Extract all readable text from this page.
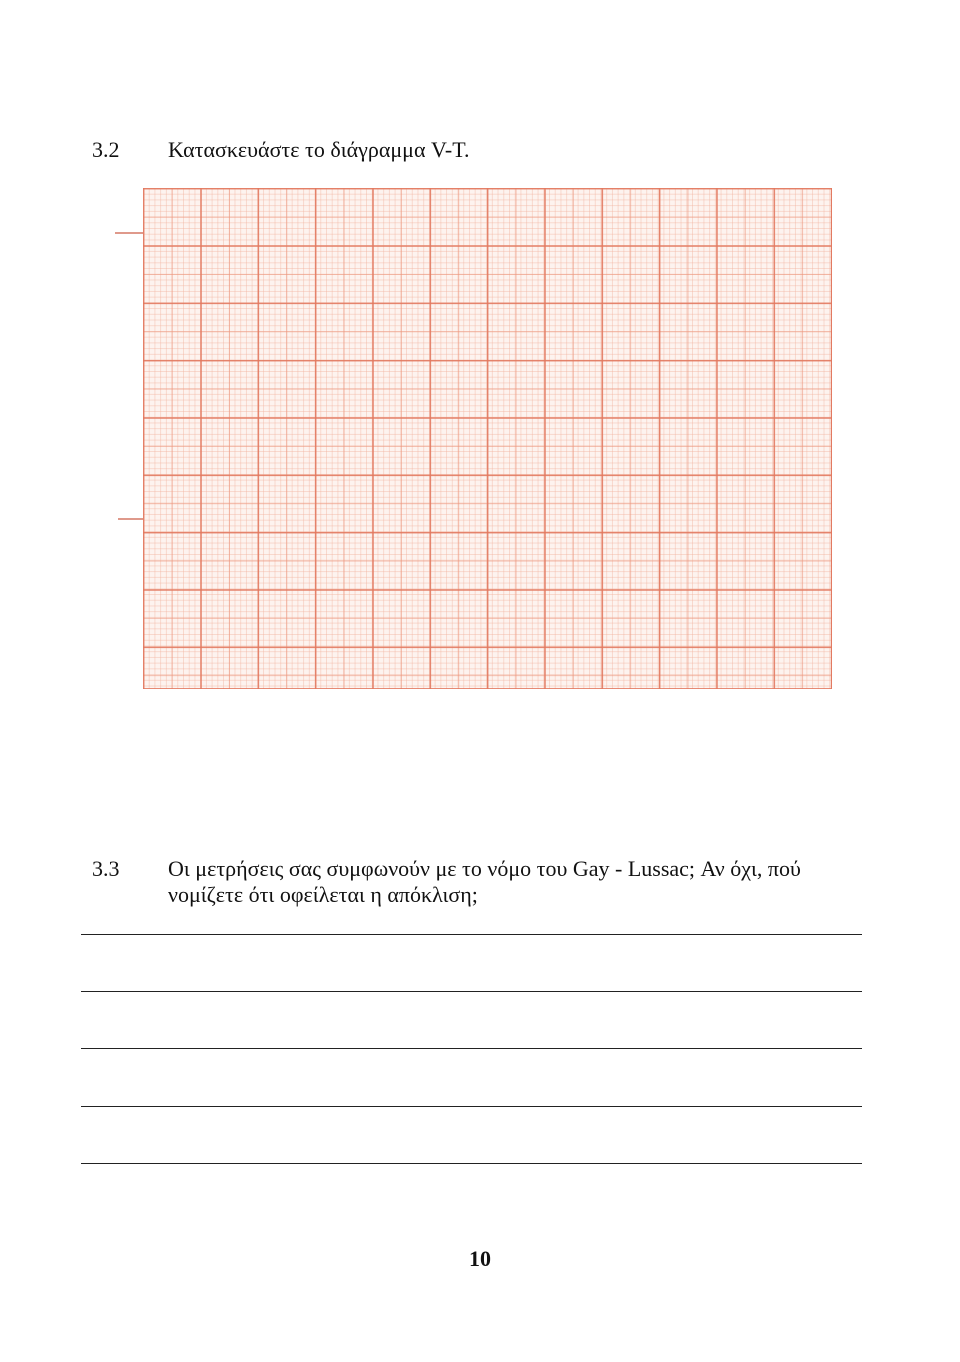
3.2 Κατασκευάστε το διάγραμμα V-T.
3.3 Οι μετρήσεις σας συμφωνούν με το νόμο του Gay - Lussac; Αν όχι, πού
νομίζετε ότι οφείλεται η απόκλιση;
10
